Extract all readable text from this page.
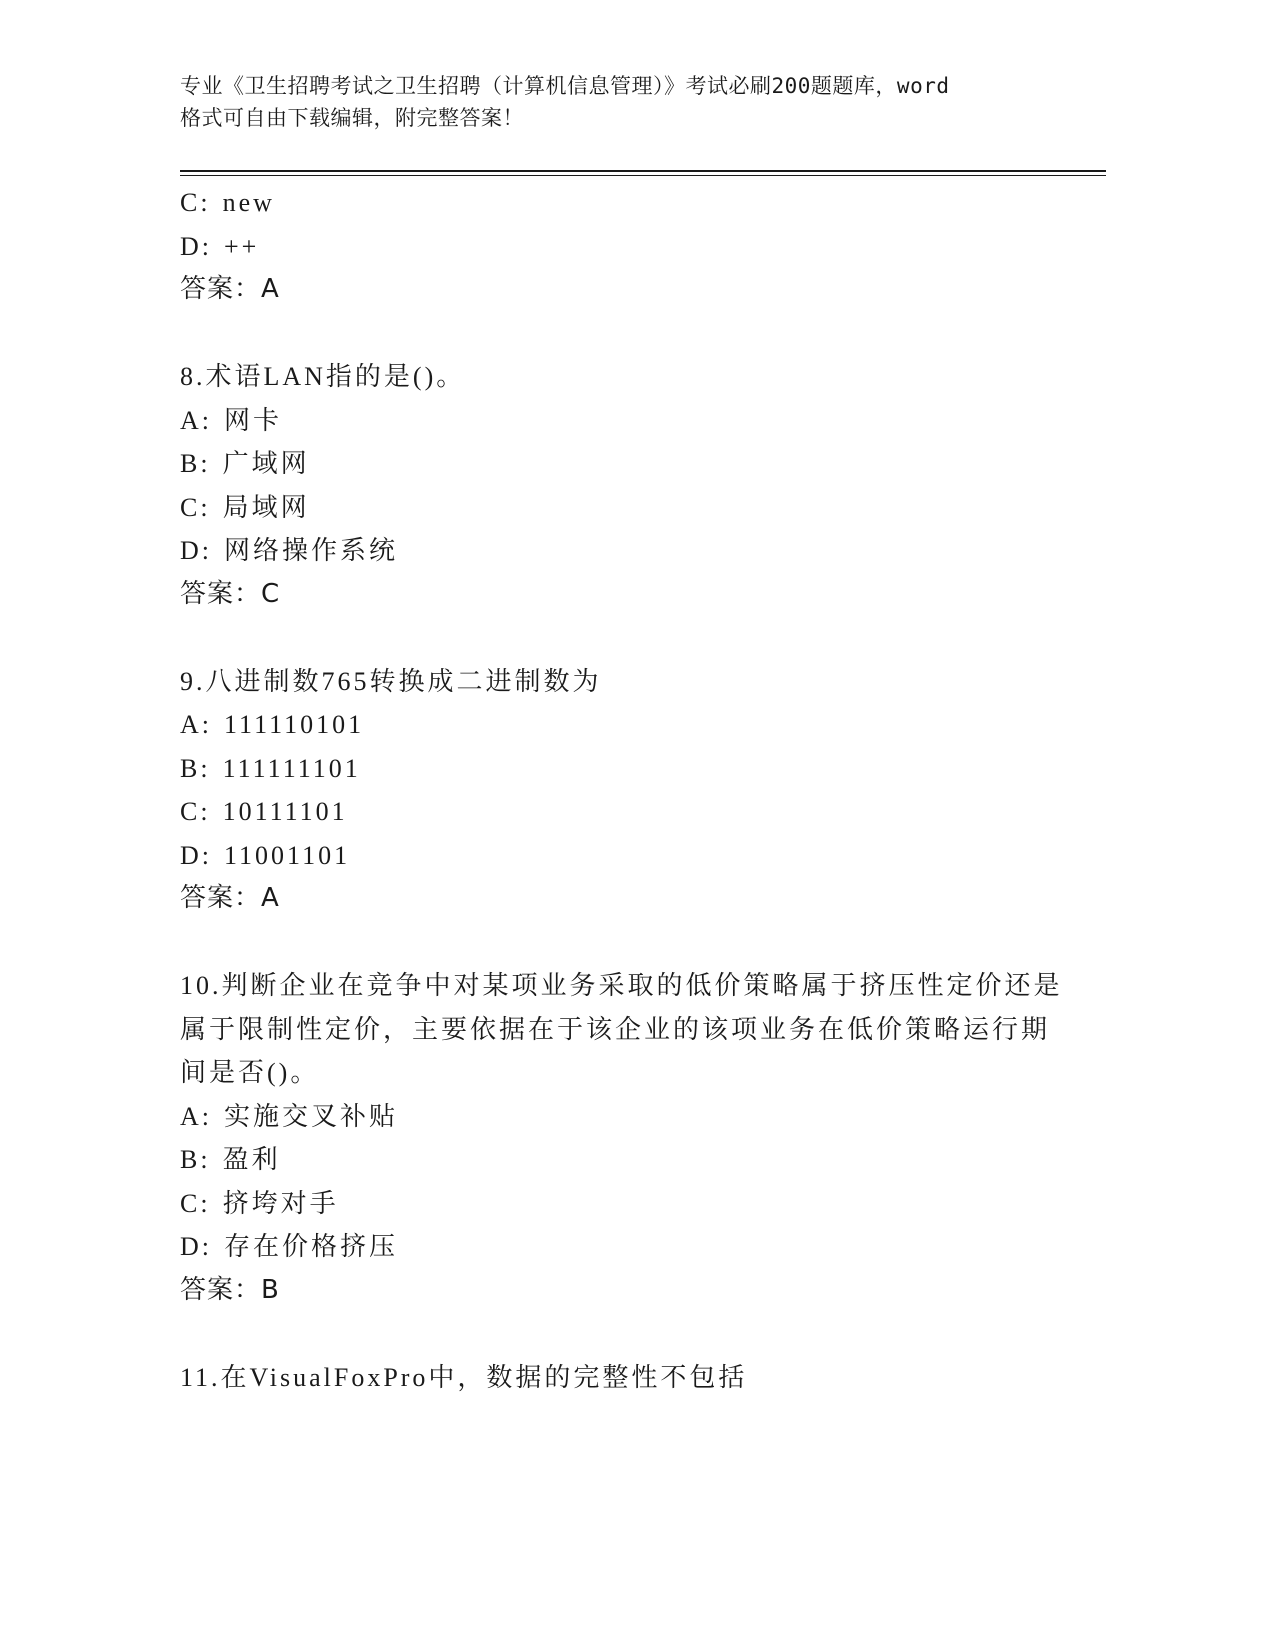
专业《卫生招聘考试之卫生招聘（计算机信息管理）》考试必刷200题题库，word
格式可自由下载编辑，附完整答案！
C: new
D: ++
答案：A
8.术语LAN指的是()。
A: 网卡
B: 广域网
C: 局域网
D: 网络操作系统
答案：C
9.八进制数765转换成二进制数为
A: 111110101
B: 111111101
C: 10111101
D: 11001101
答案：A
10.判断企业在竞争中对某项业务采取的低价策略属于挤压性定价还是
属于限制性定价，主要依据在于该企业的该项业务在低价策略运行期
间是否()。
A: 实施交叉补贴
B: 盈利
C: 挤垮对手
D: 存在价格挤压
答案：B
11.在VisualFoxPro中，数据的完整性不包括
